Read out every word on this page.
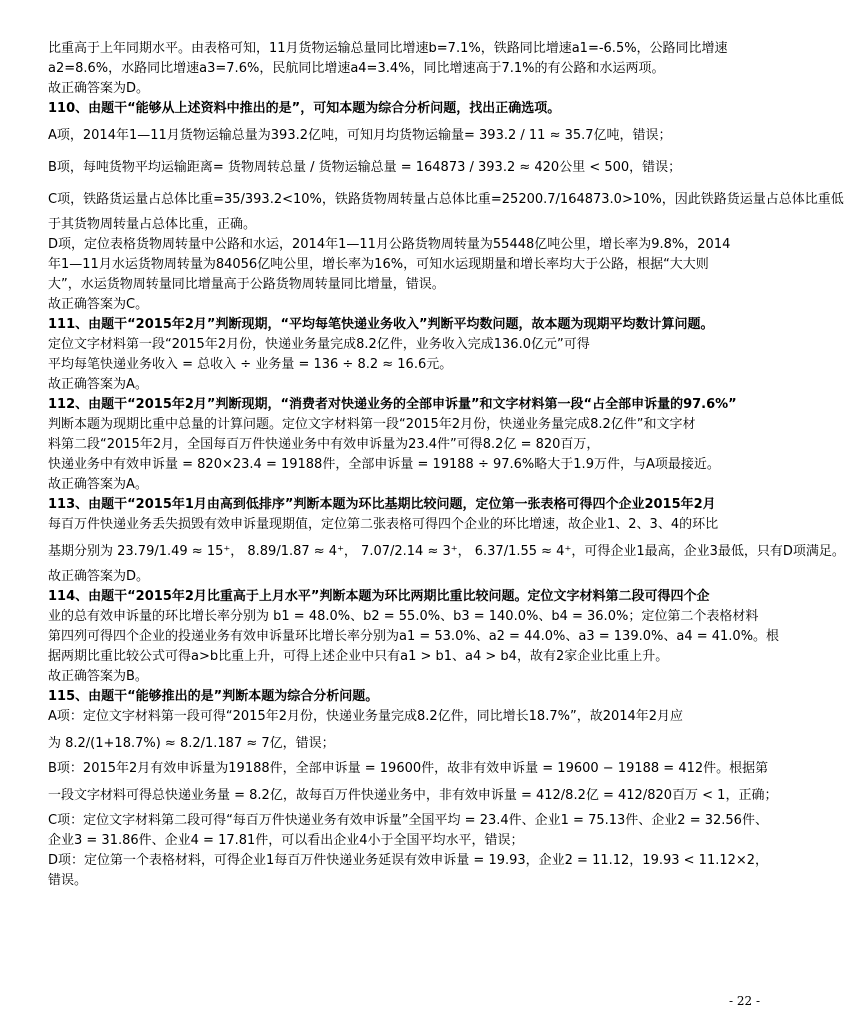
比重高于上年同期水平。由表格可知，11月货物运输总量同比增速b=7.1%，铁路同比增速a1=-6.5%，公路同比增速
a2=8.6%，水路同比增速a3=7.6%，民航同比增速a4=3.4%，同比增速高于7.1%的有公路和水运两项。
故正确答案为D。
110、由题干“能够从上述资料中推出的是”，可知本题为综合分析问题，找出正确选项。
A项，2014年1—11月货物运输总量为393.2亿吨，可知月均货物运输量= 393.2 / 11 ≈ 35.7亿吨，错误；
B项，每吨货物平均运输距离= 货物周转总量 / 货物运输总量 = 164873 / 393.2 ≈ 420公里 < 500，错误；
C项，铁路货运量占总体比重=35/393.2<10%，铁路货物周转量占总体比重=25200.7/164873.0>10%，因此铁路货运量占总体比重低
于其货物周转量占总体比重，正确。
D项，定位表格货物周转量中公路和水运，2014年1—11月公路货物周转量为55448亿吨公里，增长率为9.8%，2014
年1—11月水运货物周转量为84056亿吨公里，增长率为16%，可知水运现期量和增长率均大于公路，根据“大大则
大”，水运货物周转量同比增量高于公路货物周转量同比增量，错误。
故正确答案为C。
111、由题干“2015年2月”判断现期，“平均每笔快递业务收入”判断平均数问题，故本题为现期平均数计算问题。
定位文字材料第一段“2015年2月份，快递业务量完成8.2亿件，业务收入完成136.0亿元”可得
平均每笔快递业务收入 = 总收入 ÷ 业务量 = 136 ÷ 8.2 ≈ 16.6元。
故正确答案为A。
112、由题干“2015年2月”判断现期，“消费者对快递业务的全部申诉量”和文字材料第一段“占全部申诉量的97.6%”
判断本题为现期比重中总量的计算问题。定位文字材料第一段“2015年2月份，快递业务量完成8.2亿件”和文字材
料第二段“2015年2月，全国每百万件快递业务中有效申诉量为23.4件”可得8.2亿 = 820百万，
快递业务中有效申诉量 = 820×23.4 = 19188件，全部申诉量 = 19188 ÷ 97.6%略大于1.9万件，与A项最接近。
故正确答案为A。
113、由题干“2015年1月由高到低排序”判断本题为环比基期比较问题，定位第一张表格可得四个企业2015年2月
每百万件快递业务丢失损毁有效申诉量现期值，定位第二张表格可得四个企业的环比增速，故企业1、2、3、4的环比
基期分别为 23.79/1.49 ≈ 15⁺， 8.89/1.87 ≈ 4⁺， 7.07/2.14 ≈ 3⁺， 6.37/1.55 ≈ 4⁺，可得企业1最高，企业3最低，只有D项满足。
故正确答案为D。
114、由题干“2015年2月比重高于上月水平”判断本题为环比两期比重比较问题。定位文字材料第二段可得四个企
业的总有效申诉量的环比增长率分别为 b1 = 48.0%、b2 = 55.0%、b3 = 140.0%、b4 = 36.0%；定位第二个表格材料
第四列可得四个企业的投递业务有效申诉量环比增长率分别为a1 = 53.0%、a2 = 44.0%、a3 = 139.0%、a4 = 41.0%。根
据两期比重比较公式可得a>b比重上升，可得上述企业中只有a1 > b1、a4 > b4，故有2家企业比重上升。
故正确答案为B。
115、由题干“能够推出的是”判断本题为综合分析问题。
A项：定位文字材料第一段可得“2015年2月份，快递业务量完成8.2亿件，同比增长18.7%”，故2014年2月应
为 8.2/(1+18.7%) ≈ 8.2/1.187 ≈ 7亿，错误；
B项：2015年2月有效申诉量为19188件，全部申诉量 = 19600件，故非有效申诉量 = 19600 − 19188 = 412件。根据第
一段文字材料可得总快递业务量 = 8.2亿，故每百万件快递业务中，非有效申诉量 = 412/8.2亿 = 412/820百万 < 1，正确；
C项：定位文字材料第二段可得“每百万件快递业务有效申诉量”全国平均 = 23.4件、企业1 = 75.13件、企业2 = 32.56件、
企业3 = 31.86件、企业4 = 17.81件，可以看出企业4小于全国平均水平，错误；
D项：定位第一个表格材料，可得企业1每百万件快递业务延误有效申诉量 = 19.93，企业2 = 11.12，19.93 < 11.12×2，
错误。
- 22 -
